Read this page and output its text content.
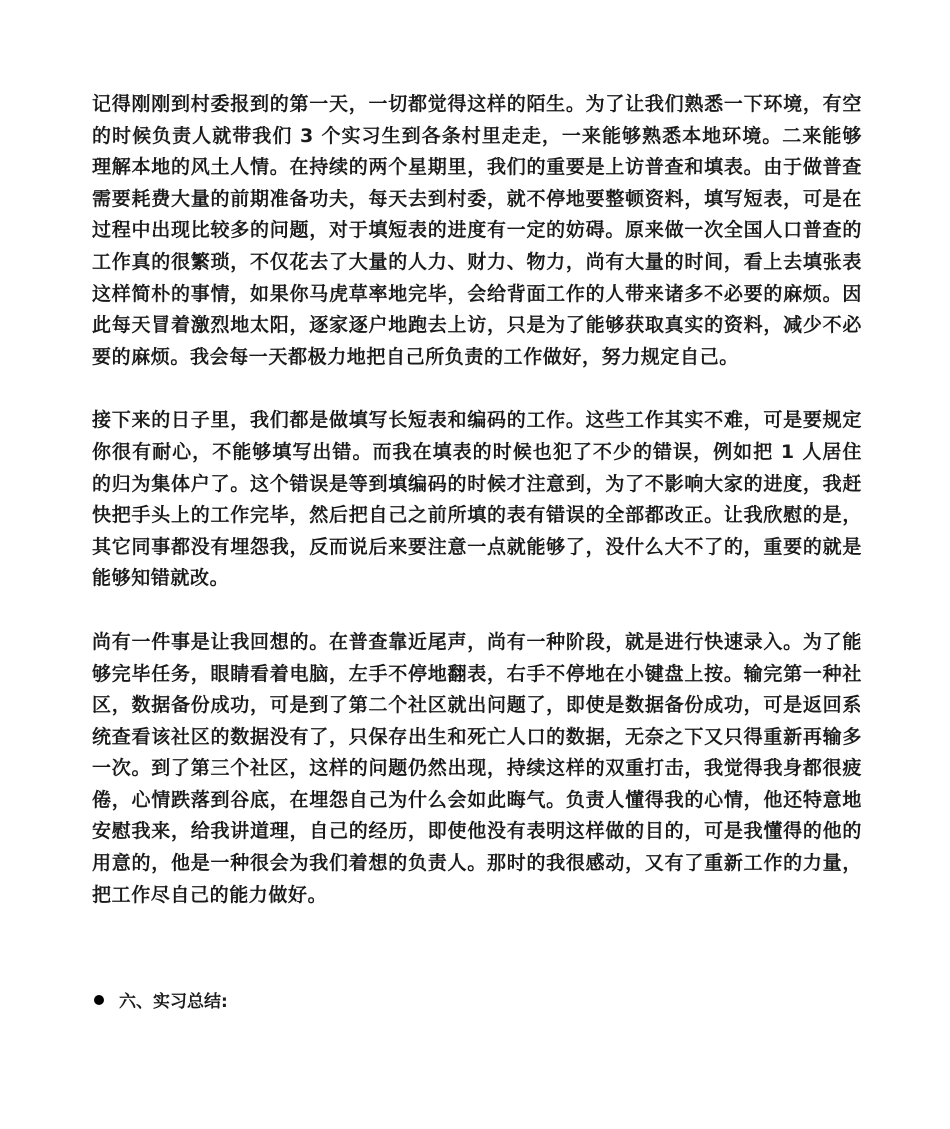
记得刚刚到村委报到的第一天，一切都觉得这样的陌生。为了让我们熟悉一下环境，有空的时候负责人就带我们 3 个实习生到各条村里走走，一来能够熟悉本地环境。二来能够理解本地的风土人情。在持续的两个星期里，我们的重要是上访普查和填表。由于做普查需要耗费大量的前期准备功夫，每天去到村委，就不停地要整顿资料，填写短表，可是在过程中出现比较多的问题，对于填短表的进度有一定的妨碍。原来做一次全国人口普查的工作真的很繁琐，不仅花去了大量的人力、财力、物力，尚有大量的时间，看上去填张表这样简朴的事情，如果你马虎草率地完毕，会给背面工作的人带来诸多不必要的麻烦。因此每天冒着激烈地太阳，逐家逐户地跑去上访，只是为了能够获取真实的资料，减少不必要的麻烦。我会每一天都极力地把自己所负责的工作做好，努力规定自己。

接下来的日子里，我们都是做填写长短表和编码的工作。这些工作其实不难，可是要规定你很有耐心，不能够填写出错。而我在填表的时候也犯了不少的错误，例如把 1 人居住的归为集体户了。这个错误是等到填编码的时候才注意到，为了不影响大家的进度，我赶快把手头上的工作完毕，然后把自己之前所填的表有错误的全部都改正。让我欣慰的是，其它同事都没有埋怨我，反而说后来要注意一点就能够了，没什么大不了的，重要的就是能够知错就改。

尚有一件事是让我回想的。在普查靠近尾声，尚有一种阶段，就是进行快速录入。为了能够完毕任务，眼睛看着电脑，左手不停地翻表，右手不停地在小键盘上按。输完第一种社区，数据备份成功，可是到了第二个社区就出问题了，即使是数据备份成功，可是返回系统查看该社区的数据没有了，只保存出生和死亡人口的数据，无奈之下又只得重新再输多一次。到了第三个社区，这样的问题仍然出现，持续这样的双重打击，我觉得我身都很疲倦，心情跌落到谷底，在埋怨自己为什么会如此晦气。负责人懂得我的心情，他还特意地安慰我来，给我讲道理，自己的经历，即使他没有表明这样做的目的，可是我懂得的他的用意的，他是一种很会为我们着想的负责人。那时的我很感动，又有了重新工作的力量，把工作尽自己的能力做好。

六、实习总结:
